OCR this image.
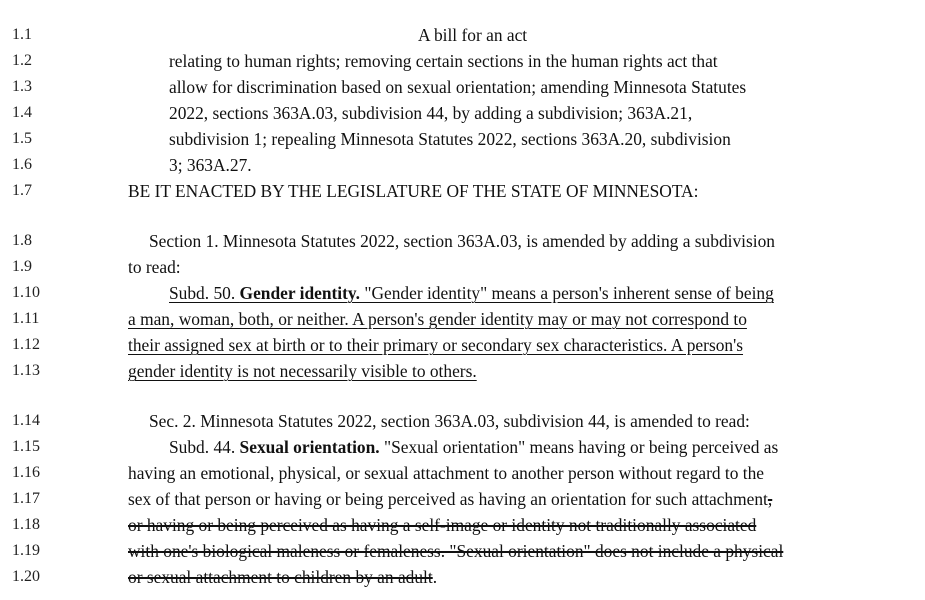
1.1	A bill for an act
1.2	relating to human rights; removing certain sections in the human rights act that
1.3	allow for discrimination based on sexual orientation; amending Minnesota Statutes
1.4	2022, sections 363A.03, subdivision 44, by adding a subdivision; 363A.21,
1.5	subdivision 1; repealing Minnesota Statutes 2022, sections 363A.20, subdivision
1.6	3; 363A.27.
1.7	BE IT ENACTED BY THE LEGISLATURE OF THE STATE OF MINNESOTA:
1.8	Section 1. Minnesota Statutes 2022, section 363A.03, is amended by adding a subdivision
1.9	to read:
1.10	Subd. 50. Gender identity. "Gender identity" means a person's inherent sense of being
1.11	a man, woman, both, or neither. A person's gender identity may or may not correspond to
1.12	their assigned sex at birth or to their primary or secondary sex characteristics. A person's
1.13	gender identity is not necessarily visible to others.
1.14	Sec. 2. Minnesota Statutes 2022, section 363A.03, subdivision 44, is amended to read:
1.15	Subd. 44. Sexual orientation. "Sexual orientation" means having or being perceived as
1.16	having an emotional, physical, or sexual attachment to another person without regard to the
1.17	sex of that person or having or being perceived as having an orientation for such attachment,
1.18	or having or being perceived as having a self-image or identity not traditionally associated
1.19	with one's biological maleness or femaleness. "Sexual orientation" does not include a physical
1.20	or sexual attachment to children by an adult.
